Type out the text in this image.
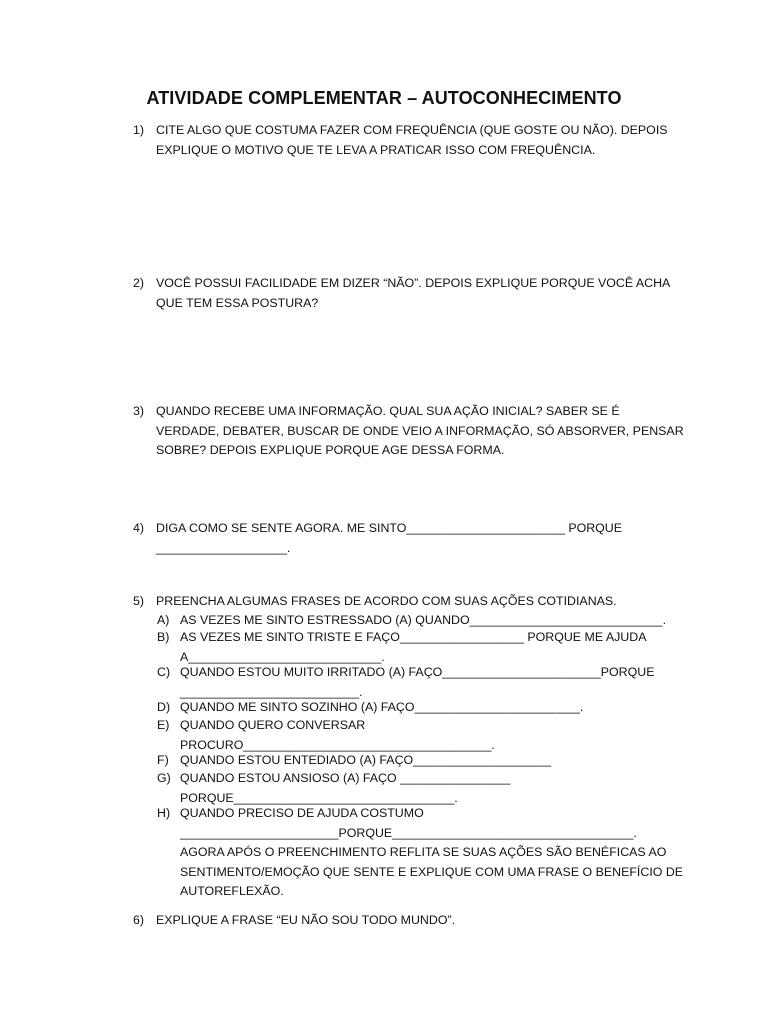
ATIVIDADE COMPLEMENTAR – AUTOCONHECIMENTO
1) CITE ALGO QUE COSTUMA FAZER COM FREQUÊNCIA (QUE GOSTE OU NÃO). DEPOIS
EXPLIQUE O MOTIVO QUE TE LEVA A PRATICAR ISSO COM FREQUÊNCIA.
2) VOCÊ POSSUI FACILIDADE EM DIZER “NÃO”. DEPOIS EXPLIQUE PORQUE VOCÊ ACHA
QUE TEM ESSA POSTURA?
3) QUANDO RECEBE UMA INFORMAÇÃO. QUAL SUA AÇÃO INICIAL? SABER SE É
VERDADE, DEBATER, BUSCAR DE ONDE VEIO A INFORMAÇÃO, SÓ ABSORVER, PENSAR
SOBRE? DEPOIS EXPLIQUE PORQUE AGE DESSA FORMA.
4) DIGA COMO SE SENTE AGORA. ME SINTO_______________________ PORQUE
___________________.
5) PREENCHA ALGUMAS FRASES DE ACORDO COM SUAS AÇÕES COTIDIANAS.
A) AS VEZES ME SINTO ESTRESSADO (A) QUANDO____________________________.
B) AS VEZES ME SINTO TRISTE E FAÇO__________________ PORQUE ME AJUDA
A____________________________.
C) QUANDO ESTOU MUITO IRRITADO (A) FAÇO_______________________PORQUE
__________________________.
D) QUANDO ME SINTO SOZINHO (A) FAÇO________________________.
E) QUANDO QUERO CONVERSAR
PROCURO____________________________________.
F) QUANDO ESTOU ENTEDIADO (A) FAÇO____________________
G) QUANDO ESTOU ANSIOSO (A) FAÇO ________________
PORQUE________________________________.
H) QUANDO PRECISO DE AJUDA COSTUMO
_______________________PORQUE___________________________________.
AGORA APÓS O PREENCHIMENTO REFLITA SE SUAS AÇÕES SÃO BENÉFICAS AO
SENTIMENTO/EMOÇÃO QUE SENTE E EXPLIQUE COM UMA FRASE O BENEFÍCIO DE
AUTOREFLEXÃO.
6) EXPLIQUE A FRASE “EU NÃO SOU TODO MUNDO”.
